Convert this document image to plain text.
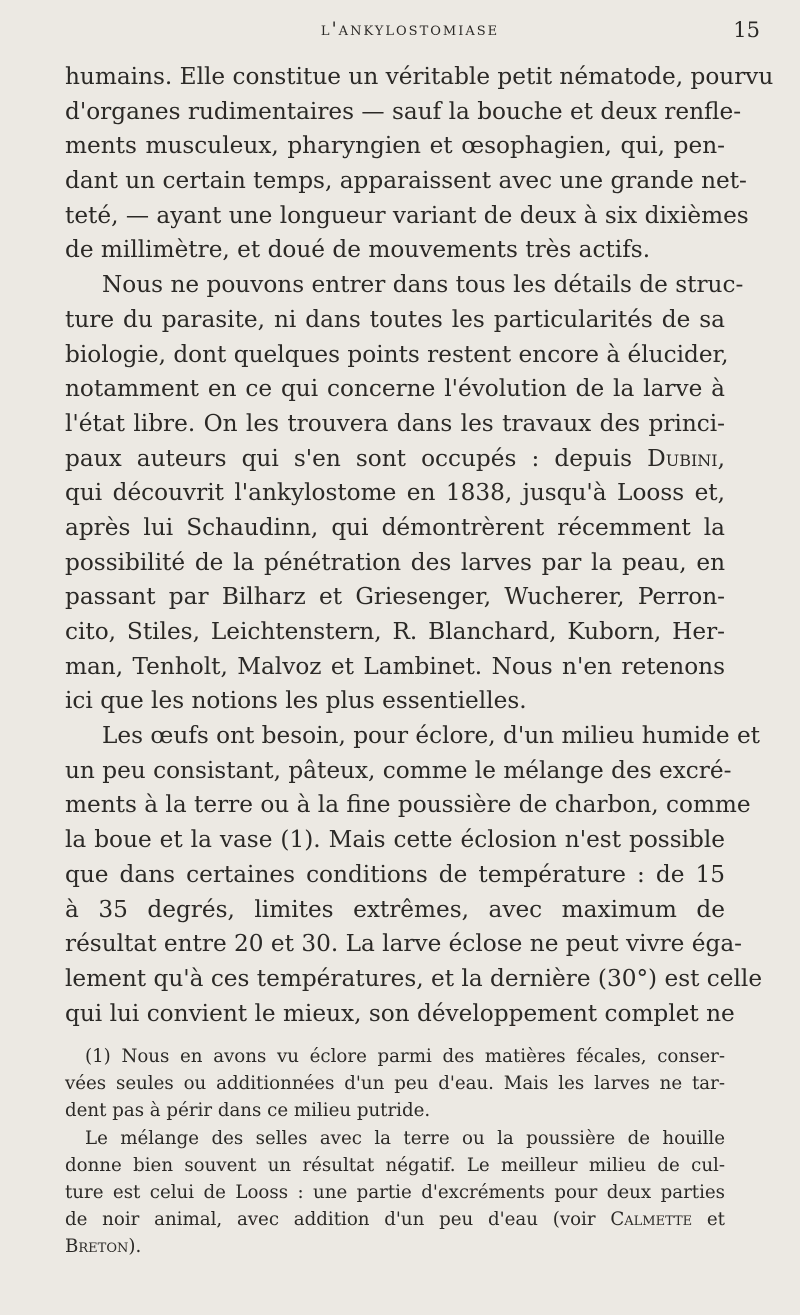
l'ankylostomiase	15
humains. Elle constitue un véritable petit nématode, pourvu
d'organes rudimentaires — sauf la bouche et deux renfle-
ments musculeux, pharyngien et œsophagien, qui, pen-
dant un certain temps, apparaissent avec une grande net-
teté, — ayant une longueur variant de deux à six dixièmes
de millimètre, et doué de mouvements très actifs.
Nous ne pouvons entrer dans tous les détails de struc-
ture du parasite, ni dans toutes les particularités de sa
biologie, dont quelques points restent encore à élucider,
notamment en ce qui concerne l'évolution de la larve à
l'état libre. On les trouvera dans les travaux des princi-
paux auteurs qui s'en sont occupés : depuis Dubini,
qui découvrit l'ankylostome en 1838, jusqu'à Looss et,
après lui Schaudinn, qui démontrèrent récemment la
possibilité de la pénétration des larves par la peau, en
passant par Bilharz et Griesenger, Wucherer, Perron-
cito, Stiles, Leichtenstern, R. Blanchard, Kuborn, Her-
man, Tenholt, Malvoz et Lambinet. Nous n'en retenons
ici que les notions les plus essentielles.
Les œufs ont besoin, pour éclore, d'un milieu humide et
un peu consistant, pâteux, comme le mélange des excré-
ments à la terre ou à la fine poussière de charbon, comme
la boue et la vase (1). Mais cette éclosion n'est possible
que dans certaines conditions de température : de 15
à 35 degrés, limites extrêmes, avec maximum de
résultat entre 20 et 30. La larve éclose ne peut vivre éga-
lement qu'à ces températures, et la dernière (30°) est celle
qui lui convient le mieux, son développement complet ne
(1) Nous en avons vu éclore parmi des matières fécales, conser-
vées seules ou additionnées d'un peu d'eau. Mais les larves ne tar-
dent pas à périr dans ce milieu putride.
Le mélange des selles avec la terre ou la poussière de houille
donne bien souvent un résultat négatif. Le meilleur milieu de cul-
ture est celui de Looss : une partie d'excréments pour deux parties
de noir animal, avec addition d'un peu d'eau (voir Calmette et
Breton).
